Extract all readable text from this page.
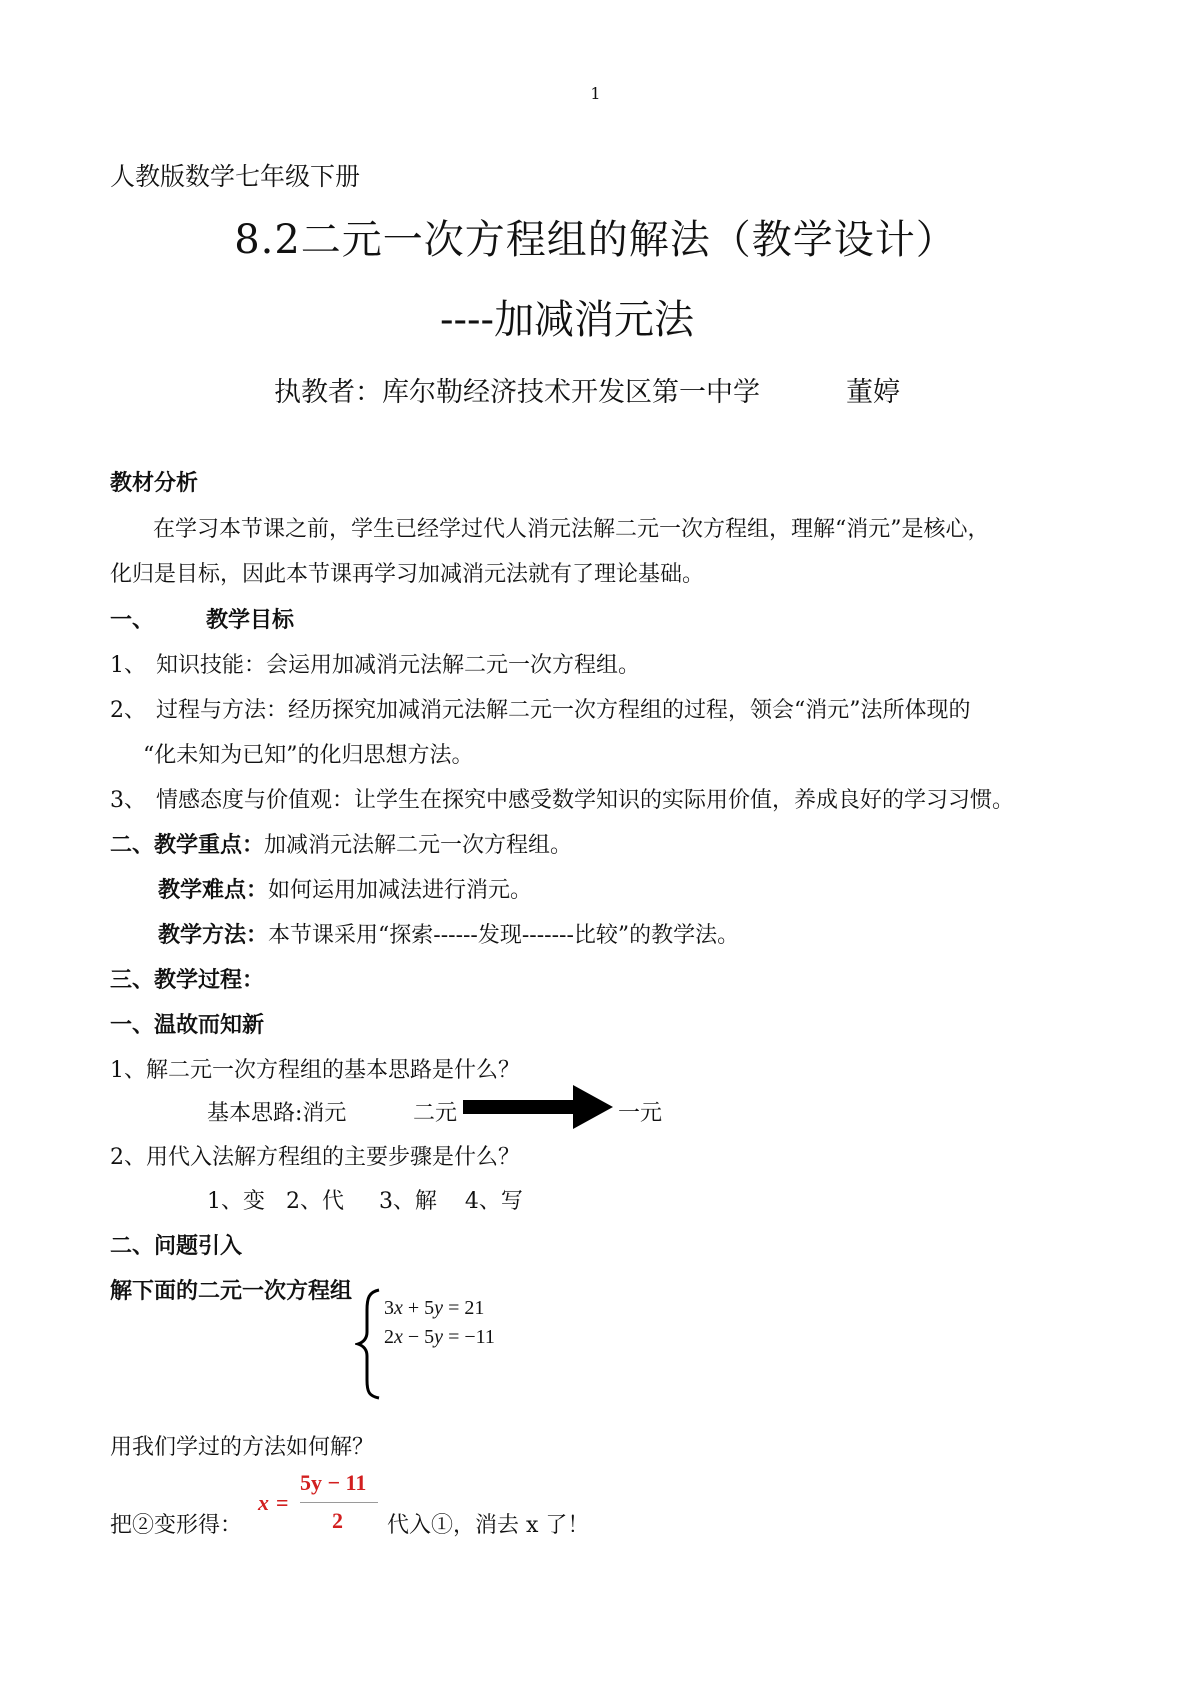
1
人教版数学七年级下册
8.2二元一次方程组的解法（教学设计）
----加减消元法
执教者：库尔勒经济技术开发区第一中学	董婷
教材分析
在学习本节课之前，学生已经学过代人消元法解二元一次方程组，理解“消元”是核心，
化归是目标，因此本节课再学习加减消元法就有了理论基础。
一、 教学目标
1、 知识技能：会运用加减消元法解二元一次方程组。
2、 过程与方法：经历探究加减消元法解二元一次方程组的过程，领会“消元”法所体现的
“化未知为已知”的化归思想方法。
3、 情感态度与价值观：让学生在探究中感受数学知识的实际用价值，养成良好的学习习惯。
二、教学重点：加减消元法解二元一次方程组。
教学难点：如何运用加减法进行消元。
教学方法：本节课采用“探索------发现-------比较”的教学法。
三、教学过程：
一、温故而知新
1、解二元一次方程组的基本思路是什么？
基本思路:消元	二元	一元
2、用代入法解方程组的主要步骤是什么？
1、变   2、代     3、解    4、写
二、问题引入
解下面的二元一次方程组
3x + 5y = 21
2x − 5y = −11
用我们学过的方法如何解？
把②变形得：
x =
5y − 11
2 代入①，消去 x 了！
